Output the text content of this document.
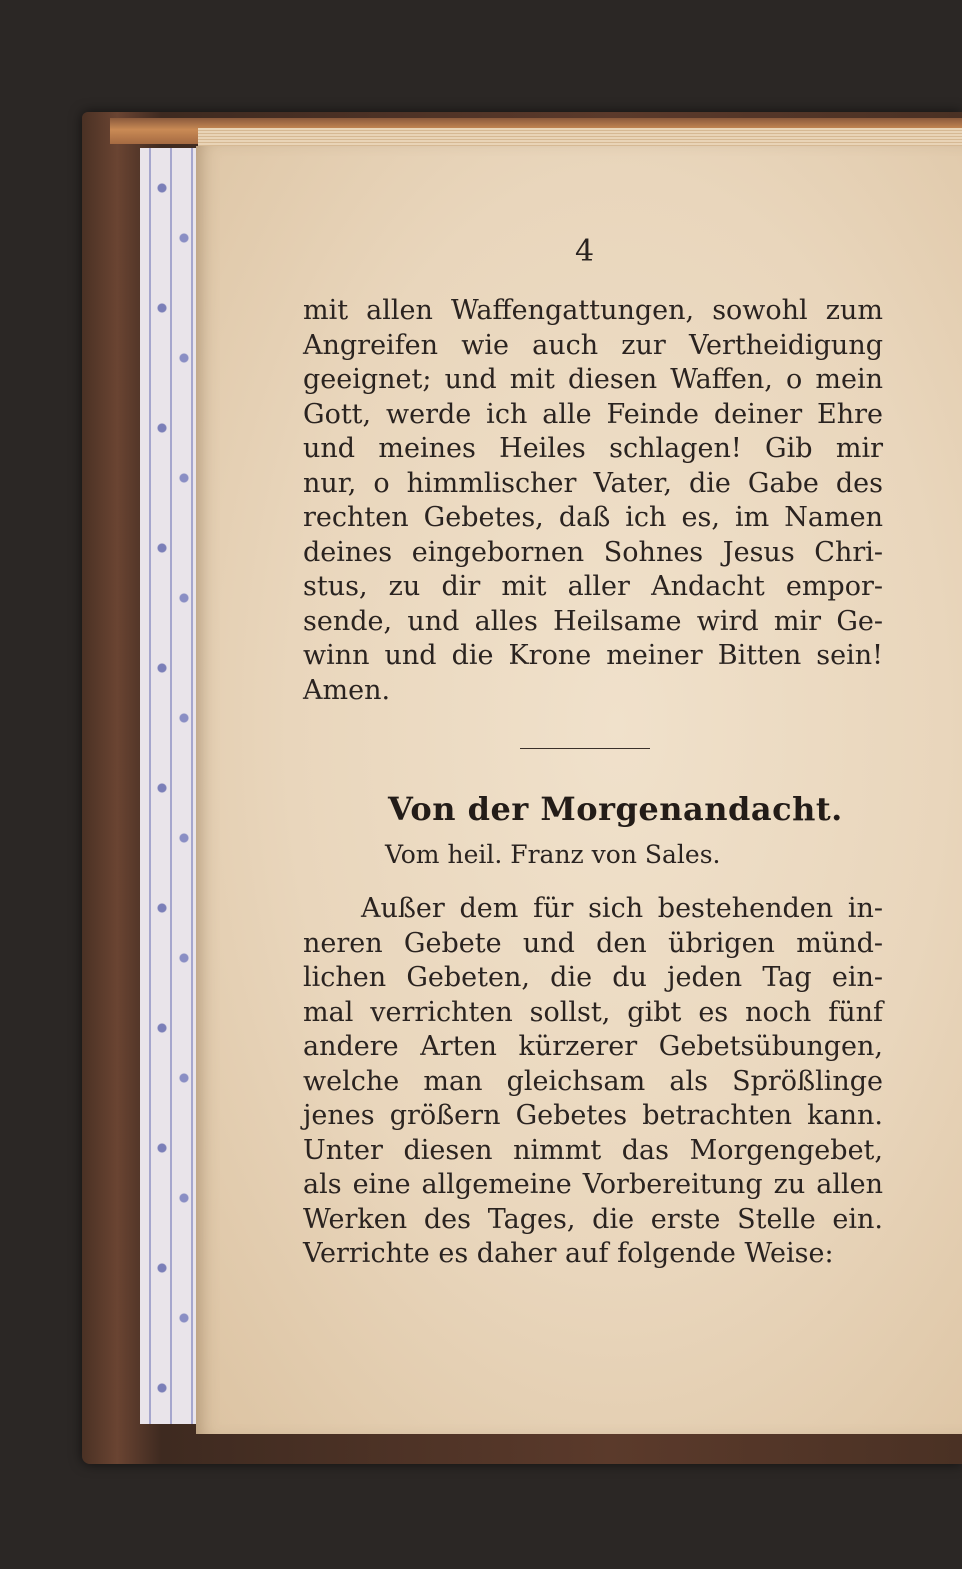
4
mit allen Waffengattungen, sowohl zum
Angreifen wie auch zur Vertheidigung
geeignet; und mit diesen Waffen, o mein
Gott, werde ich alle Feinde deiner Ehre
und meines Heiles schlagen! Gib mir
nur, o himmlischer Vater, die Gabe des
rechten Gebetes, daß ich es, im Namen
deines eingebornen Sohnes Jesus Chri-
stus, zu dir mit aller Andacht empor-
sende, und alles Heilsame wird mir Ge-
winn und die Krone meiner Bitten sein!
Amen.
Von der Morgenandacht.
Vom heil. Franz von Sales.
Außer dem für sich bestehenden in-
neren Gebete und den übrigen münd-
lichen Gebeten, die du jeden Tag ein-
mal verrichten sollst, gibt es noch fünf
andere Arten kürzerer Gebetsübungen,
welche man gleichsam als Sprößlinge
jenes größern Gebetes betrachten kann.
Unter diesen nimmt das Morgengebet,
als eine allgemeine Vorbereitung zu allen
Werken des Tages, die erste Stelle ein.
Verrichte es daher auf folgende Weise:
